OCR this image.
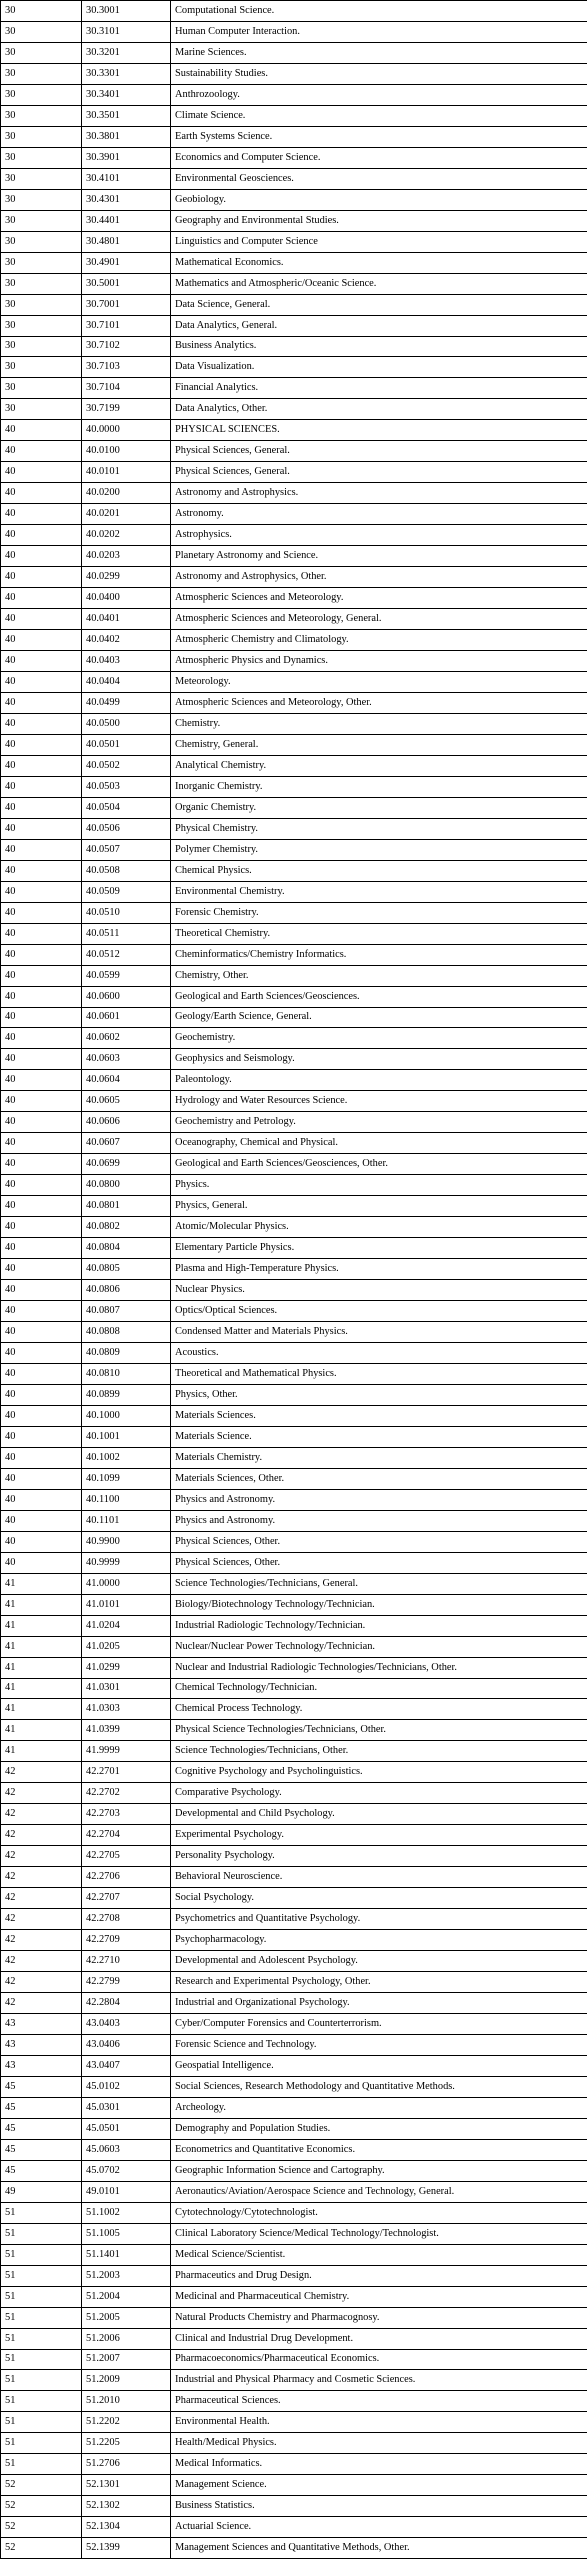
30	30.3001	Computational Science.
30	30.3101	Human Computer Interaction.
30	30.3201	Marine Sciences.
30	30.3301	Sustainability Studies.
30	30.3401	Anthrozoology.
30	30.3501	Climate Science.
30	30.3801	Earth Systems Science.
30	30.3901	Economics and Computer Science.
30	30.4101	Environmental Geosciences.
30	30.4301	Geobiology.
30	30.4401	Geography and Environmental Studies.
30	30.4801	Linguistics and Computer Science
30	30.4901	Mathematical Economics.
30	30.5001	Mathematics and Atmospheric/Oceanic Science.
30	30.7001	Data Science, General.
30	30.7101	Data Analytics, General.
30	30.7102	Business Analytics.
30	30.7103	Data Visualization.
30	30.7104	Financial Analytics.
30	30.7199	Data Analytics, Other.
40	40.0000	PHYSICAL SCIENCES.
40	40.0100	Physical Sciences, General.
40	40.0101	Physical Sciences, General.
40	40.0200	Astronomy and Astrophysics.
40	40.0201	Astronomy.
40	40.0202	Astrophysics.
40	40.0203	Planetary Astronomy and Science.
40	40.0299	Astronomy and Astrophysics, Other.
40	40.0400	Atmospheric Sciences and Meteorology.
40	40.0401	Atmospheric Sciences and Meteorology, General.
40	40.0402	Atmospheric Chemistry and Climatology.
40	40.0403	Atmospheric Physics and Dynamics.
40	40.0404	Meteorology.
40	40.0499	Atmospheric Sciences and Meteorology, Other.
40	40.0500	Chemistry.
40	40.0501	Chemistry, General.
40	40.0502	Analytical Chemistry.
40	40.0503	Inorganic Chemistry.
40	40.0504	Organic Chemistry.
40	40.0506	Physical Chemistry.
40	40.0507	Polymer Chemistry.
40	40.0508	Chemical Physics.
40	40.0509	Environmental Chemistry.
40	40.0510	Forensic Chemistry.
40	40.0511	Theoretical Chemistry.
40	40.0512	Cheminformatics/Chemistry Informatics.
40	40.0599	Chemistry, Other.
40	40.0600	Geological and Earth Sciences/Geosciences.
40	40.0601	Geology/Earth Science, General.
40	40.0602	Geochemistry.
40	40.0603	Geophysics and Seismology.
40	40.0604	Paleontology.
40	40.0605	Hydrology and Water Resources Science.
40	40.0606	Geochemistry and Petrology.
40	40.0607	Oceanography, Chemical and Physical.
40	40.0699	Geological and Earth Sciences/Geosciences, Other.
40	40.0800	Physics.
40	40.0801	Physics, General.
40	40.0802	Atomic/Molecular Physics.
40	40.0804	Elementary Particle Physics.
40	40.0805	Plasma and High-Temperature Physics.
40	40.0806	Nuclear Physics.
40	40.0807	Optics/Optical Sciences.
40	40.0808	Condensed Matter and Materials Physics.
40	40.0809	Acoustics.
40	40.0810	Theoretical and Mathematical Physics.
40	40.0899	Physics, Other.
40	40.1000	Materials Sciences.
40	40.1001	Materials Science.
40	40.1002	Materials Chemistry.
40	40.1099	Materials Sciences, Other.
40	40.1100	Physics and Astronomy.
40	40.1101	Physics and Astronomy.
40	40.9900	Physical Sciences, Other.
40	40.9999	Physical Sciences, Other.
41	41.0000	Science Technologies/Technicians, General.
41	41.0101	Biology/Biotechnology Technology/Technician.
41	41.0204	Industrial Radiologic Technology/Technician.
41	41.0205	Nuclear/Nuclear Power Technology/Technician.
41	41.0299	Nuclear and Industrial Radiologic Technologies/Technicians, Other.
41	41.0301	Chemical Technology/Technician.
41	41.0303	Chemical Process Technology.
41	41.0399	Physical Science Technologies/Technicians, Other.
41	41.9999	Science Technologies/Technicians, Other.
42	42.2701	Cognitive Psychology and Psycholinguistics.
42	42.2702	Comparative Psychology.
42	42.2703	Developmental and Child Psychology.
42	42.2704	Experimental Psychology.
42	42.2705	Personality Psychology.
42	42.2706	Behavioral Neuroscience.
42	42.2707	Social Psychology.
42	42.2708	Psychometrics and Quantitative Psychology.
42	42.2709	Psychopharmacology.
42	42.2710	Developmental and Adolescent Psychology.
42	42.2799	Research and Experimental Psychology, Other.
42	42.2804	Industrial and Organizational Psychology.
43	43.0403	Cyber/Computer Forensics and Counterterrorism.
43	43.0406	Forensic Science and Technology.
43	43.0407	Geospatial Intelligence.
45	45.0102	Social Sciences, Research Methodology and Quantitative Methods.
45	45.0301	Archeology.
45	45.0501	Demography and Population Studies.
45	45.0603	Econometrics and Quantitative Economics.
45	45.0702	Geographic Information Science and Cartography.
49	49.0101	Aeronautics/Aviation/Aerospace Science and Technology, General.
51	51.1002	Cytotechnology/Cytotechnologist.
51	51.1005	Clinical Laboratory Science/Medical Technology/Technologist.
51	51.1401	Medical Science/Scientist.
51	51.2003	Pharmaceutics and Drug Design.
51	51.2004	Medicinal and Pharmaceutical Chemistry.
51	51.2005	Natural Products Chemistry and Pharmacognosy.
51	51.2006	Clinical and Industrial Drug Development.
51	51.2007	Pharmacoeconomics/Pharmaceutical Economics.
51	51.2009	Industrial and Physical Pharmacy and Cosmetic Sciences.
51	51.2010	Pharmaceutical Sciences.
51	51.2202	Environmental Health.
51	51.2205	Health/Medical Physics.
51	51.2706	Medical Informatics.
52	52.1301	Management Science.
52	52.1302	Business Statistics.
52	52.1304	Actuarial Science.
52	52.1399	Management Sciences and Quantitative Methods, Other.
